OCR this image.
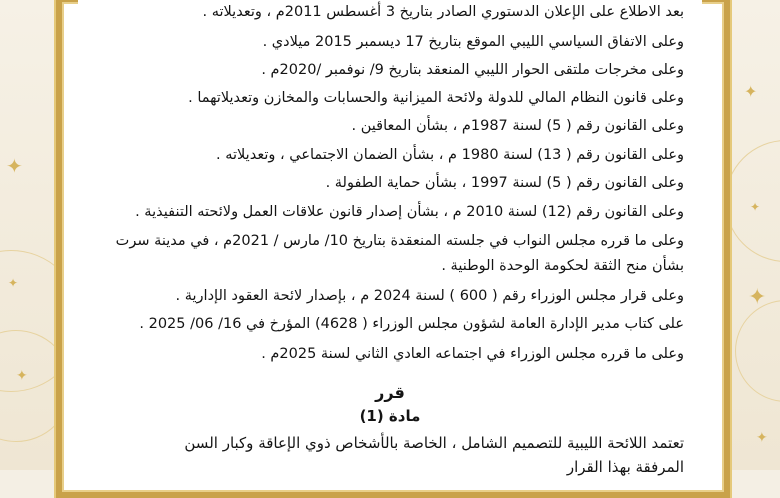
✦
✦
✦
✦
✦
✦
✦
بعد الاطلاع على الإعلان الدستوري الصادر بتاريخ 3 أغسطس 2011م ، وتعديلاته .
وعلى الاتفاق السياسي الليبي الموقع بتاريخ 17 ديسمبر 2015 ميلادي .
وعلى مخرجات ملتقى الحوار الليبي المنعقد بتاريخ 9/ نوفمبر /2020م .
وعلى قانون النظام المالي للدولة ولائحة الميزانية والحسابات والمخازن وتعديلاتهما .
وعلى القانون رقم ( 5) لسنة 1987م ، بشأن المعاقين .
وعلى القانون رقم ( 13) لسنة 1980 م ، بشأن الضمان الاجتماعي ، وتعديلاته .
وعلى القانون رقم ( 5) لسنة 1997 ، بشأن حماية الطفولة .
وعلى القانون رقم (12) لسنة 2010 م ، بشأن إصدار قانون علاقات العمل ولائحته التنفيذية .
وعلى ما قرره مجلس النواب في جلسته المنعقدة بتاريخ 10/ مارس / 2021م ، في مدينة سرت
بشأن منح الثقة لحكومة الوحدة الوطنية .
وعلى قرار مجلس الوزراء رقم ( 600 ) لسنة 2024 م ، بإصدار لائحة العقود الإدارية .
على كتاب مدير الإدارة العامة لشؤون مجلس الوزراء ( 4628) المؤرخ في 16/ 06/ 2025 .
وعلى ما قرره مجلس الوزراء في اجتماعه العادي الثاني لسنة 2025م .
قرر
مادة (1)
تعتمد اللائحة الليبية للتصميم الشامل ، الخاصة بالأشخاص ذوي الإعاقة وكبار السن
المرفقة بهذا القرار
